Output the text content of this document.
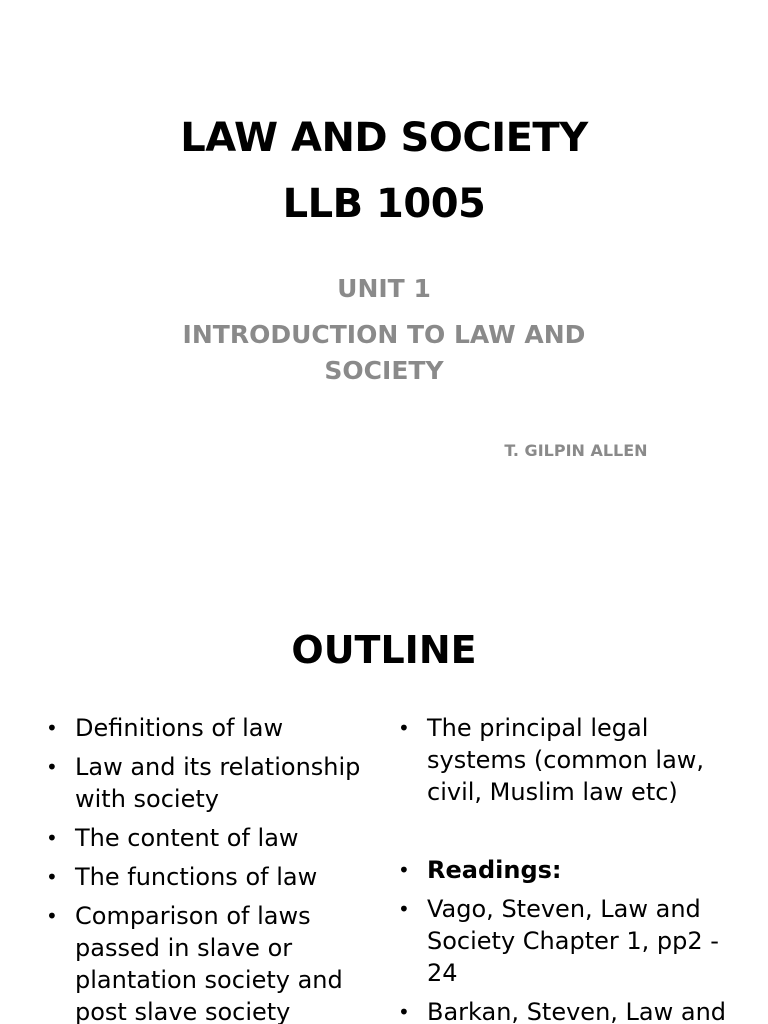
LAW AND SOCIETY
LLB 1005
UNIT 1
INTRODUCTION TO LAW AND SOCIETY
T. GILPIN ALLEN
OUTLINE
• Definitions of law
• Law and its relationship with society
• The content of law
• The functions of law
• Comparison of laws passed in slave or plantation society and post slave society
• The principal legal systems (common law, civil, Muslim law etc)
• Readings:
• Vago, Steven, Law and Society Chapter 1, pp2 - 24
• Barkan, Steven, Law and
